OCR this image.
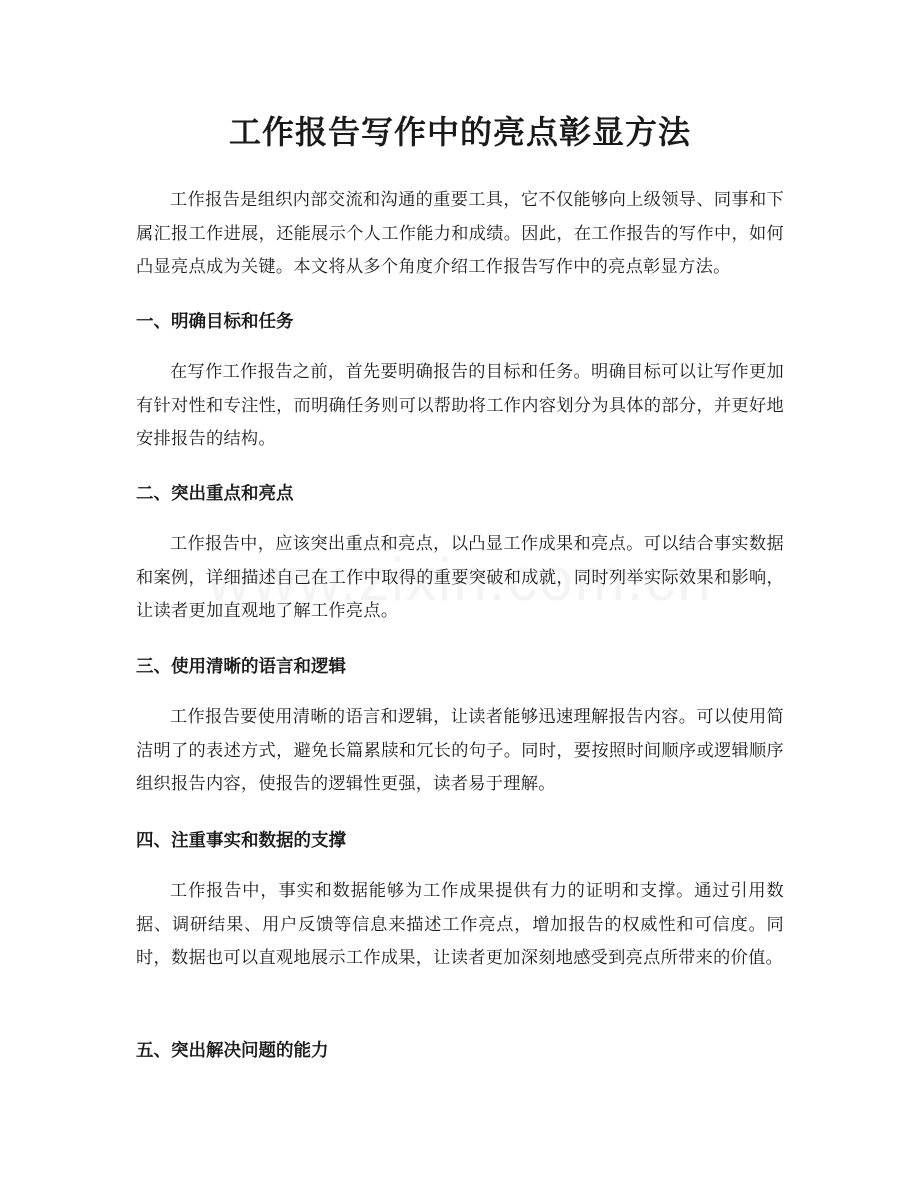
工作报告写作中的亮点彰显方法

工作报告是组织内部交流和沟通的重要工具，它不仅能够向上级领导、同事和下属汇报工作进展，还能展示个人工作能力和成绩。因此，在工作报告的写作中，如何凸显亮点成为关键。本文将从多个角度介绍工作报告写作中的亮点彰显方法。

一、明确目标和任务

在写作工作报告之前，首先要明确报告的目标和任务。明确目标可以让写作更加有针对性和专注性，而明确任务则可以帮助将工作内容划分为具体的部分，并更好地安排报告的结构。

二、突出重点和亮点

工作报告中，应该突出重点和亮点，以凸显工作成果和亮点。可以结合事实数据和案例，详细描述自己在工作中取得的重要突破和成就，同时列举实际效果和影响，让读者更加直观地了解工作亮点。

三、使用清晰的语言和逻辑

工作报告要使用清晰的语言和逻辑，让读者能够迅速理解报告内容。可以使用简洁明了的表述方式，避免长篇累牍和冗长的句子。同时，要按照时间顺序或逻辑顺序组织报告内容，使报告的逻辑性更强，读者易于理解。

四、注重事实和数据的支撑

工作报告中，事实和数据能够为工作成果提供有力的证明和支撑。通过引用数据、调研结果、用户反馈等信息来描述工作亮点，增加报告的权威性和可信度。同时，数据也可以直观地展示工作成果，让读者更加深刻地感受到亮点所带来的价值。

五、突出解决问题的能力
